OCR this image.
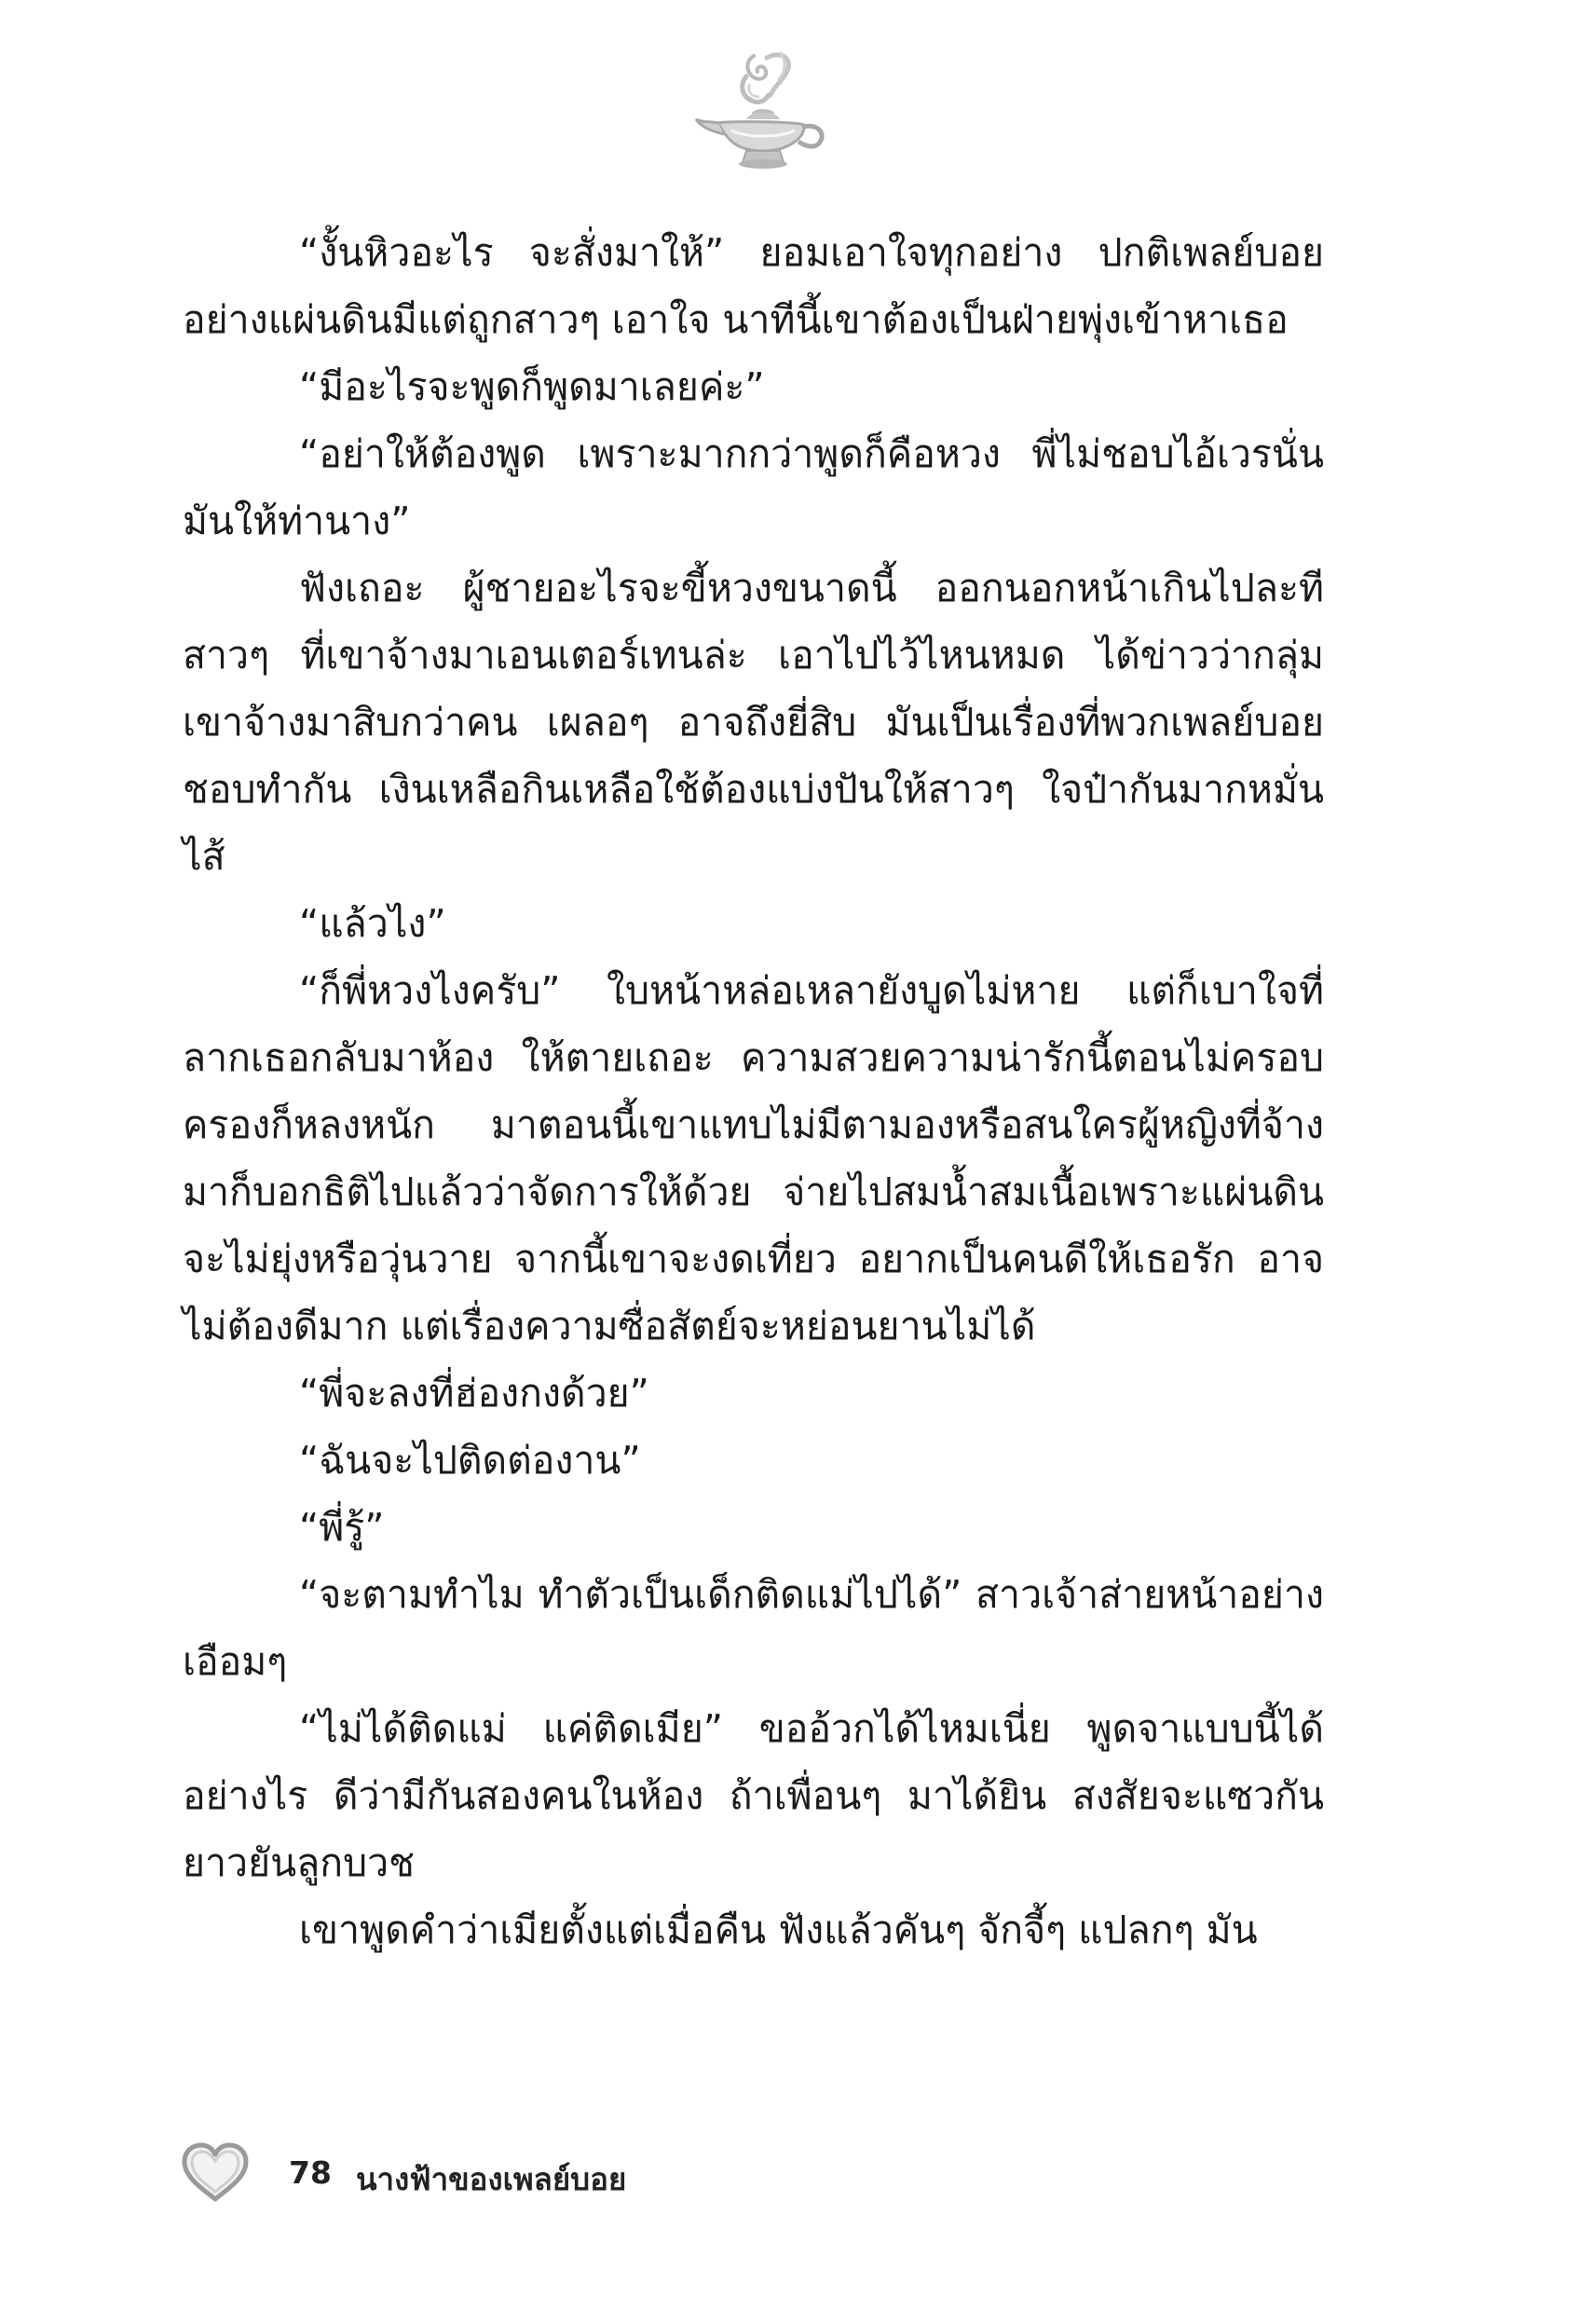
“งั้นหิวอะไร จะสั่งมาให้” ยอมเอาใจทุกอย่าง ปกติเพลย์บอยอย่างแผ่นดินมีแต่ถูกสาวๆ เอาใจ นาทีนี้เขาต้องเป็นฝ่ายพุ่งเข้าหาเธอ

“มีอะไรจะพูดก็พูดมาเลยค่ะ”

“อย่าให้ต้องพูด เพราะมากกว่าพูดก็คือหวง พี่ไม่ชอบไอ้เวรนั่นมันให้ท่านาง”

ฟังเถอะ ผู้ชายอะไรจะขี้หวงขนาดนี้ ออกนอกหน้าเกินไปละทีสาวๆ ที่เขาจ้างมาเอนเตอร์เทนล่ะ เอาไปไว้ไหนหมด ได้ข่าวว่ากลุ่มเขาจ้างมาสิบกว่าคน เผลอๆ อาจถึงยี่สิบ มันเป็นเรื่องที่พวกเพลย์บอยชอบทำกัน เงินเหลือกินเหลือใช้ต้องแบ่งปันให้สาวๆ ใจป๋ากันมากหมั่นไส้

“แล้วไง”

“ก็พี่หวงไงครับ” ใบหน้าหล่อเหลายังบูดไม่หาย แต่ก็เบาใจที่ลากเธอกลับมาห้อง ให้ตายเถอะ ความสวยความน่ารักนี้ตอนไม่ครอบครองก็หลงหนัก มาตอนนี้เขาแทบไม่มีตามองหรือสนใครผู้หญิงที่จ้างมาก็บอกธิติไปแล้วว่าจัดการให้ด้วย จ่ายไปสมน้ำสมเนื้อเพราะแผ่นดินจะไม่ยุ่งหรือวุ่นวาย จากนี้เขาจะงดเที่ยว อยากเป็นคนดีให้เธอรัก อาจไม่ต้องดีมาก แต่เรื่องความซื่อสัตย์จะหย่อนยานไม่ได้

“พี่จะลงที่ฮ่องกงด้วย”

“ฉันจะไปติดต่องาน”

“พี่รู้”

“จะตามทำไม ทำตัวเป็นเด็กติดแม่ไปได้” สาวเจ้าส่ายหน้าอย่างเอือมๆ

“ไม่ได้ติดแม่ แค่ติดเมีย” ขออ้วกได้ไหมเนี่ย พูดจาแบบนี้ได้อย่างไร ดีว่ามีกันสองคนในห้อง ถ้าเพื่อนๆ มาได้ยิน สงสัยจะแซวกันยาวยันลูกบวช

เขาพูดคำว่าเมียตั้งแต่เมื่อคืน ฟังแล้วคันๆ จักจี้ๆ แปลกๆ มัน

78 นางฟ้าของเพลย์บอย
